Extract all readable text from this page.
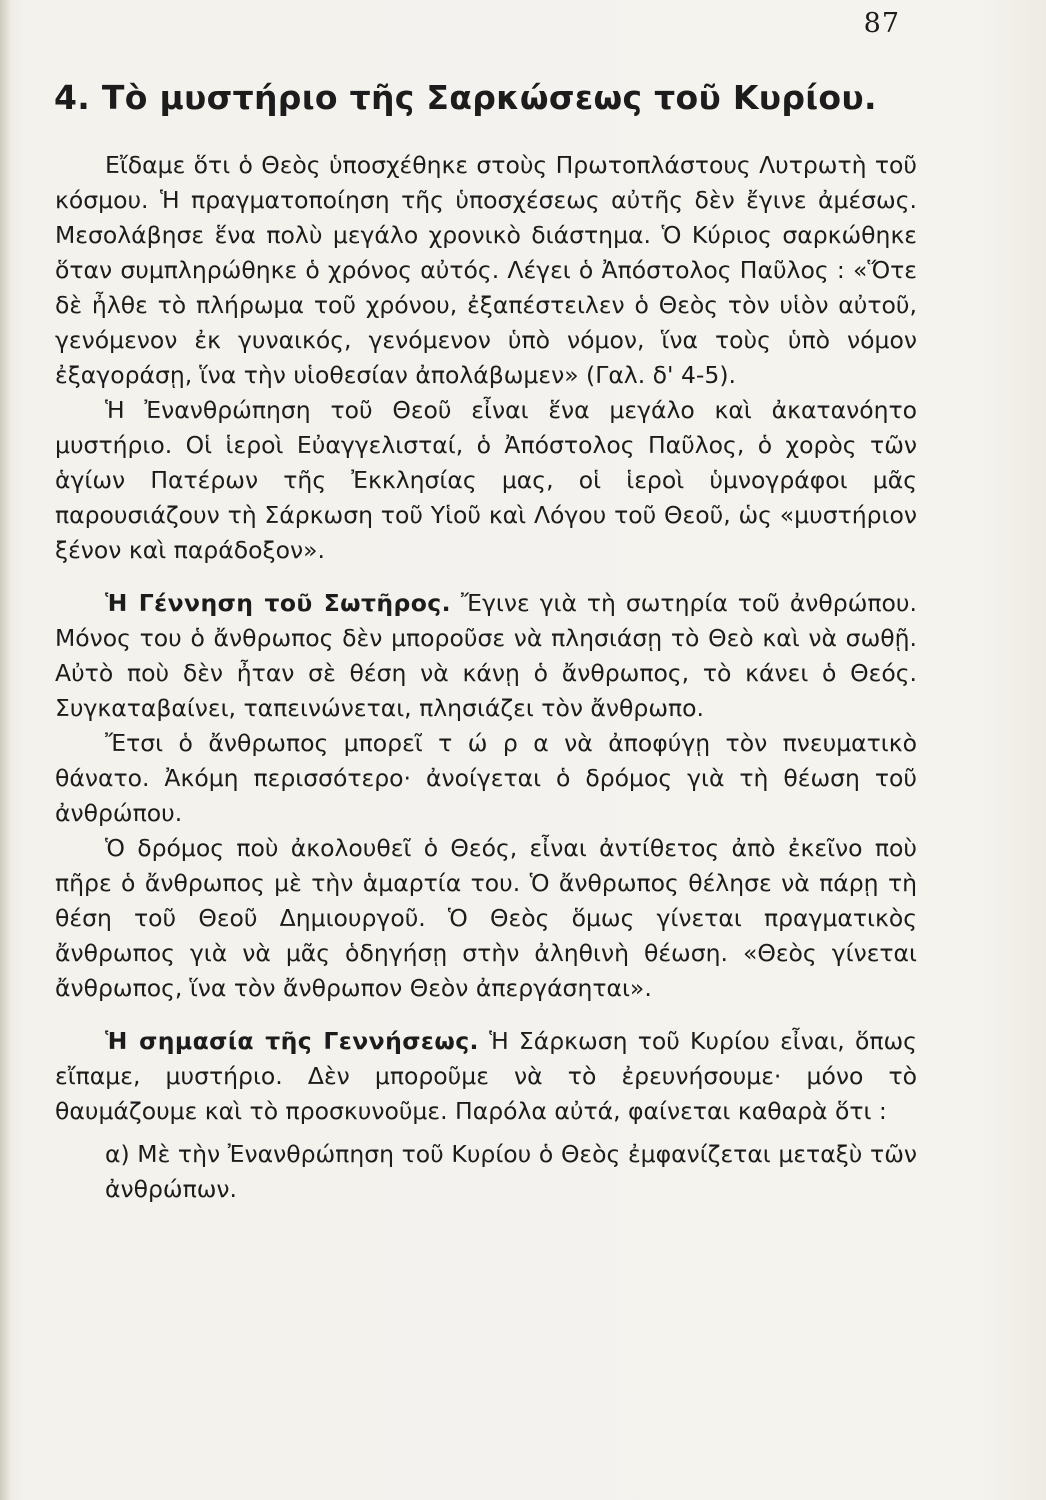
87
4. Τὸ μυστήριο τῆς Σαρκώσεως τοῦ Κυρίου.

Εἴδαμε ὅτι ὁ Θεὸς ὑποσχέθηκε στοὺς Πρωτοπλάστους Λυτρωτὴ τοῦ κόσμου. Ἡ πραγματοποίηση τῆς ὑποσχέσεως αὐτῆς δὲν ἔγινε ἀμέσως. Μεσολάβησε ἕνα πολὺ μεγάλο χρονικὸ διάστημα. Ὁ Κύριος σαρκώθηκε ὅταν συμπληρώθηκε ὁ χρόνος αὐτός. Λέγει ὁ Ἀπόστολος Παῦλος : «Ὅτε δὲ ἦλθε τὸ πλήρωμα τοῦ χρόνου, ἐξαπέστειλεν ὁ Θεὸς τὸν υἱὸν αὐτοῦ, γενόμενον ἐκ γυναικός, γενόμενον ὑπὸ νόμον, ἵνα τοὺς ὑπὸ νόμον ἐξαγοράσῃ, ἵνα τὴν υἱοθεσίαν ἀπολάβωμεν» (Γαλ. δ' 4-5).

Ἡ Ἐνανθρώπηση τοῦ Θεοῦ εἶναι ἕνα μεγάλο καὶ ἀκατανόητο μυστήριο. Οἱ ἱεροὶ Εὐαγγελισταί, ὁ Ἀπόστολος Παῦλος, ὁ χορὸς τῶν ἁγίων Πατέρων τῆς Ἐκκλησίας μας, οἱ ἱεροὶ ὑμνογράφοι μᾶς παρουσιάζουν τὴ Σάρκωση τοῦ Υἱοῦ καὶ Λόγου τοῦ Θεοῦ, ὡς «μυστήριον ξένον καὶ παράδοξον».

Ἡ Γέννηση τοῦ Σωτῆρος. Ἔγινε γιὰ τὴ σωτηρία τοῦ ἀνθρώπου. Μόνος του ὁ ἄνθρωπος δὲν μποροῦσε νὰ πλησιάσῃ τὸ Θεὸ καὶ νὰ σωθῇ. Αὐτὸ ποὺ δὲν ἦταν σὲ θέση νὰ κάνῃ ὁ ἄνθρωπος, τὸ κάνει ὁ Θεός. Συγκαταβαίνει, ταπεινώνεται, πλησιάζει τὸν ἄνθρωπο.

Ἔτσι ὁ ἄνθρωπος μπορεῖ τ ώ ρ α νὰ ἀποφύγῃ τὸν πνευματικὸ θάνατο. Ἀκόμη περισσότερο· ἀνοίγεται ὁ δρόμος γιὰ τὴ θέωση τοῦ ἀνθρώπου.

Ὁ δρόμος ποὺ ἀκολουθεῖ ὁ Θεός, εἶναι ἀντίθετος ἀπὸ ἐκεῖνο ποὺ πῆρε ὁ ἄνθρωπος μὲ τὴν ἁμαρτία του. Ὁ ἄνθρωπος θέλησε νὰ πάρῃ τὴ θέση τοῦ Θεοῦ Δημιουργοῦ. Ὁ Θεὸς ὅμως γίνεται πραγματικὸς ἄνθρωπος γιὰ νὰ μᾶς ὁδηγήσῃ στὴν ἀληθινὴ θέωση. «Θεὸς γίνεται ἄνθρωπος, ἵνα τὸν ἄνθρωπον Θεὸν ἀπεργάσηται».

Ἡ σημασία τῆς Γεννήσεως. Ἡ Σάρκωση τοῦ Κυρίου εἶναι, ὅπως εἴπαμε, μυστήριο. Δὲν μποροῦμε νὰ τὸ ἐρευνήσουμε· μόνο τὸ θαυμάζουμε καὶ τὸ προσκυνοῦμε. Παρόλα αὐτά, φαίνεται καθαρὰ ὅτι :

α) Μὲ τὴν Ἐνανθρώπηση τοῦ Κυρίου ὁ Θεὸς ἐμφανίζεται μεταξὺ τῶν ἀνθρώπων.
